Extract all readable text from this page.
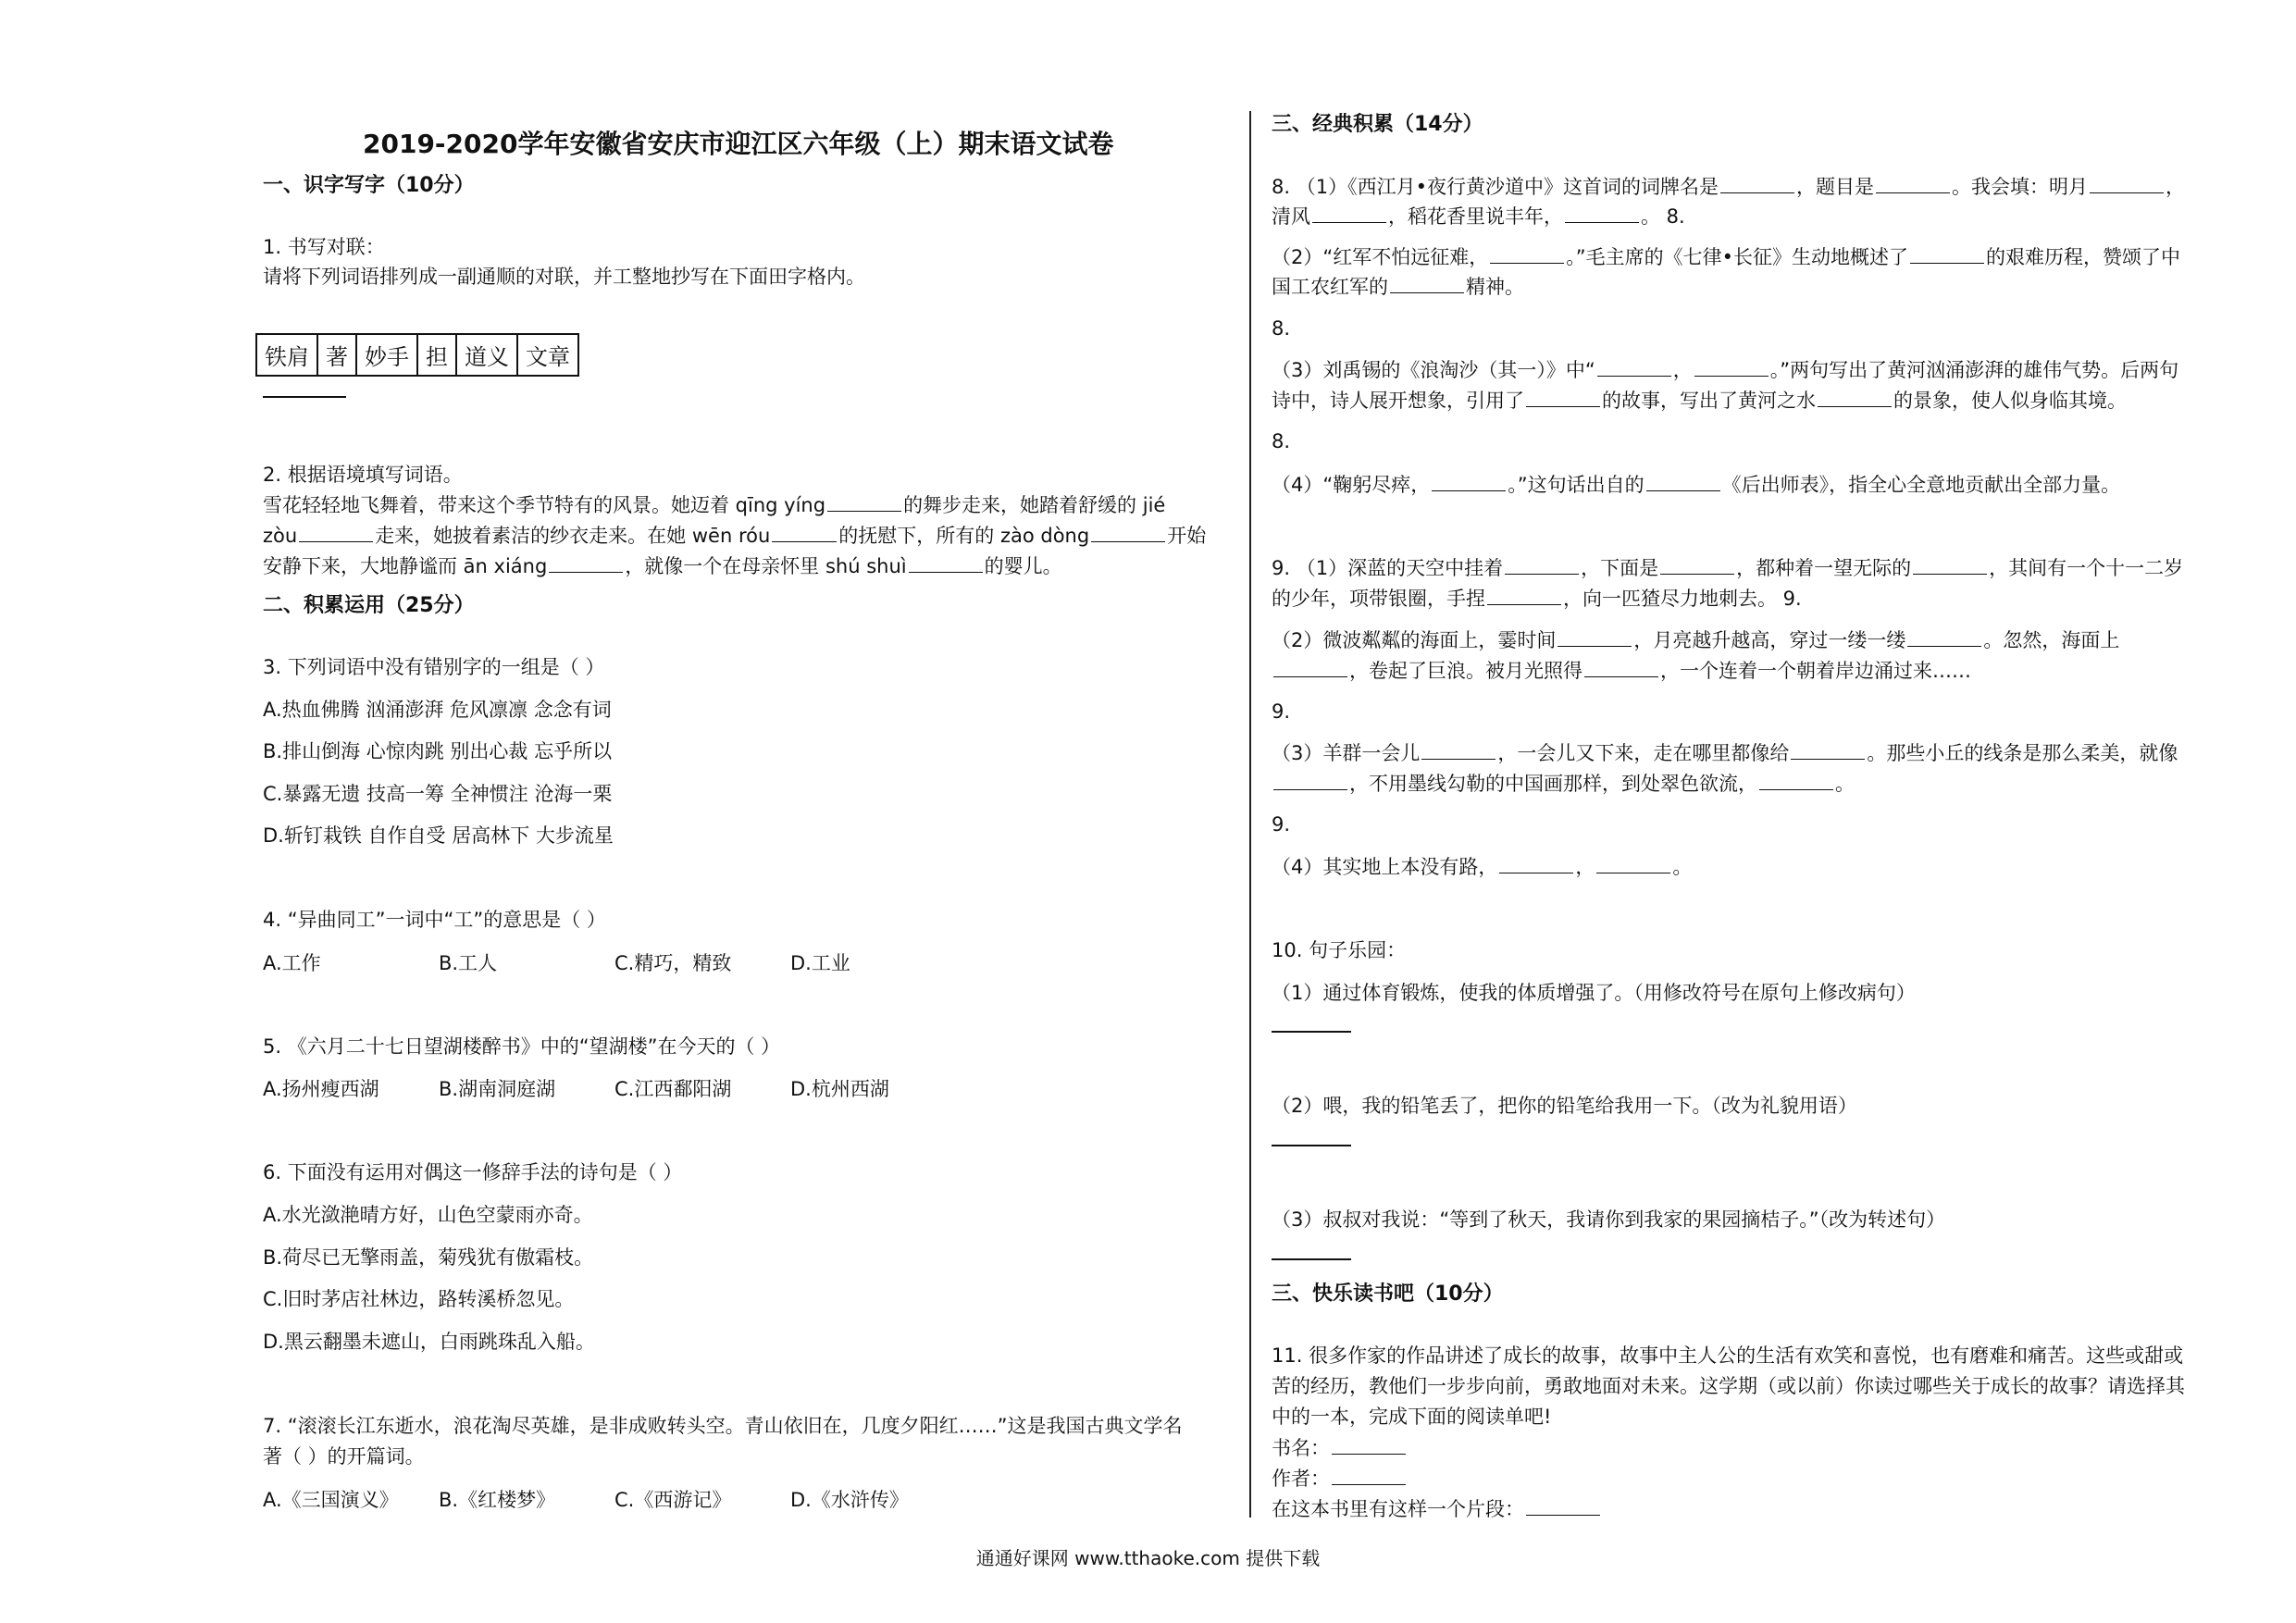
2019-2020学年安徽省安庆市迎江区六年级（上）期末语文试卷
一、识字写字（10分）
1. 书写对联：
请将下列词语排列成一副通顺的对联，并工整地抄写在下面田字格内。
铁肩	著	妙手	担	道义	文章
2. 根据语境填写词语。
雪花轻轻地飞舞着，带来这个季节特有的风景。她迈着 qīng yíng	的舞步走来，她踏着舒缓的 jié
zòu	走来，她披着素洁的纱衣走来。在她 wēn róu	的抚慰下，所有的 zào dòng	开始
安静下来，大地静谧而 ān xiáng	，就像一个在母亲怀里 shú shuì	的婴儿。
二、积累运用（25分）
3. 下列词语中没有错别字的一组是（ ）
A.热血佛腾 汹涌澎湃 危风凛凛 念念有词
B.排山倒海 心惊肉跳 别出心裁 忘乎所以
C.暴露无遗 技高一筹 全神惯注 沧海一栗
D.斩钉栽铁 自作自受 居高林下 大步流星
4. “异曲同工”一词中“工”的意思是（ ）
A.工作	B.工人	C.精巧，精致	D.工业
5. 《六月二十七日望湖楼醉书》中的“望湖楼”在今天的（ ）
A.扬州瘦西湖	B.湖南洞庭湖	C.江西鄱阳湖	D.杭州西湖
6. 下面没有运用对偶这一修辞手法的诗句是（ ）
A.水光潋滟晴方好，山色空蒙雨亦奇。
B.荷尽已无擎雨盖，菊残犹有傲霜枝。
C.旧时茅店社林边，路转溪桥忽见。
D.黑云翻墨未遮山，白雨跳珠乱入船。
7. “滚滚长江东逝水，浪花淘尽英雄，是非成败转头空。青山依旧在，几度夕阳红……”这是我国古典文学名
著（ ）的开篇词。
A.《三国演义》 B.《红楼梦》	C.《西游记》	D.《水浒传》
三、经典积累（14分）
8. （1）《西江月•夜行黄沙道中》这首词的词牌名是	，题目是	。我会填：明月	，
清风	，稻花香里说丰年，	。 8.
（2）“红军不怕远征难，	。”毛主席的《七律•长征》生动地概述了	的艰难历程，赞颂了中
国工农红军的	精神。
8.
（3）刘禹锡的《浪淘沙（其一）》中“	，	。”两句写出了黄河汹涌澎湃的雄伟气势。后两句
诗中，诗人展开想象，引用了	的故事，写出了黄河之水	的景象，使人似身临其境。
8.
（4）“鞠躬尽瘁，	。”这句话出自的	《后出师表》，指全心全意地贡献出全部力量。
9. （1）深蓝的天空中挂着	，下面是	，都种着一望无际的	，其间有一个十一二岁
的少年，项带银圈，手捏	，向一匹猹尽力地刺去。 9.
（2）微波粼粼的海面上，霎时间	，月亮越升越高，穿过一缕一缕	。忽然，海面上
，卷起了巨浪。被月光照得	，一个连着一个朝着岸边涌过来……
9.
（3）羊群一会儿	，一会儿又下来，走在哪里都像给	。那些小丘的线条是那么柔美，就像
，不用墨线勾勒的中国画那样，到处翠色欲流，	。
9.
（4）其实地上本没有路，	，	。
10. 句子乐园：
（1）通过体育锻炼，使我的体质增强了。（用修改符号在原句上修改病句）
（2）喂，我的铅笔丢了，把你的铅笔给我用一下。（改为礼貌用语）
（3）叔叔对我说：“等到了秋天，我请你到我家的果园摘桔子。”（改为转述句）
三、快乐读书吧（10分）
11. 很多作家的作品讲述了成长的故事，故事中主人公的生活有欢笑和喜悦，也有磨难和痛苦。这些或甜或
苦的经历，教他们一步步向前，勇敢地面对未来。这学期（或以前）你读过哪些关于成长的故事？请选择其
中的一本，完成下面的阅读单吧!
书名：
作者：
在这本书里有这样一个片段：
通通好课网 www.tthaoke.com 提供下载
